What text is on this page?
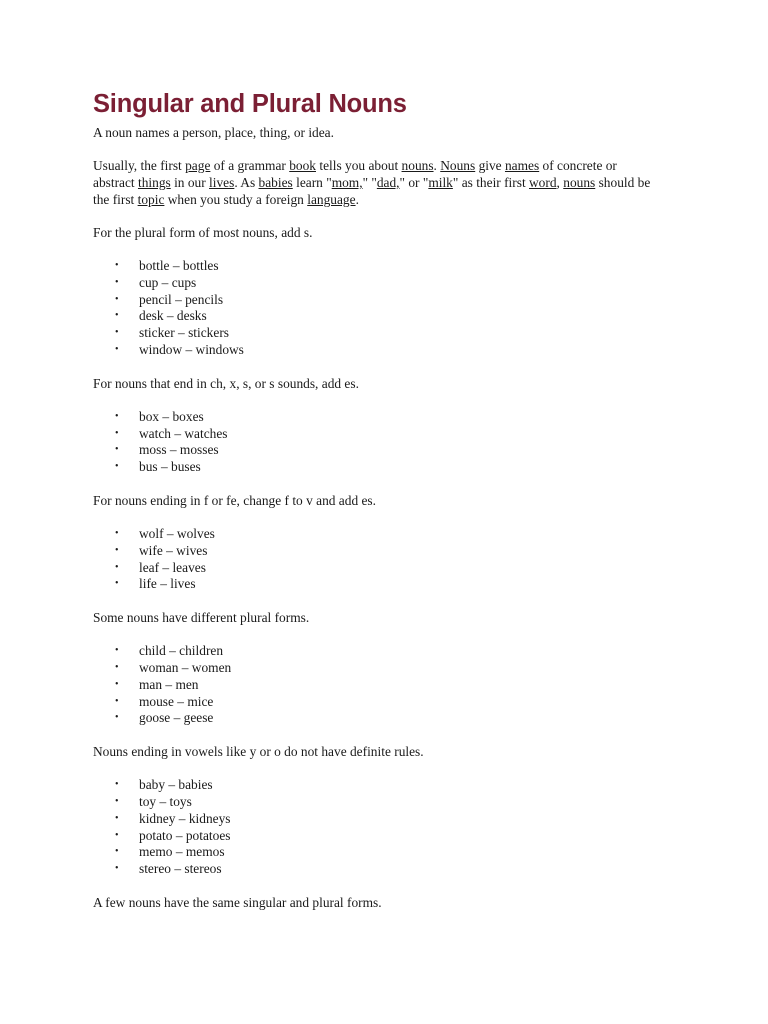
Singular and Plural Nouns

A noun names a person, place, thing, or idea.

Usually, the first page of a grammar book tells you about nouns. Nouns give names of concrete or abstract things in our lives. As babies learn "mom," "dad," or "milk" as their first word, nouns should be the first topic when you study a foreign language.

For the plural form of most nouns, add s.

• bottle – bottles
• cup – cups
• pencil – pencils
• desk – desks
• sticker – stickers
• window – windows

For nouns that end in ch, x, s, or s sounds, add es.

• box – boxes
• watch – watches
• moss – mosses
• bus – buses

For nouns ending in f or fe, change f to v and add es.

• wolf – wolves
• wife – wives
• leaf – leaves
• life – lives

Some nouns have different plural forms.

• child – children
• woman – women
• man – men
• mouse – mice
• goose – geese

Nouns ending in vowels like y or o do not have definite rules.

• baby – babies
• toy – toys
• kidney – kidneys
• potato – potatoes
• memo – memos
• stereo – stereos

A few nouns have the same singular and plural forms.
